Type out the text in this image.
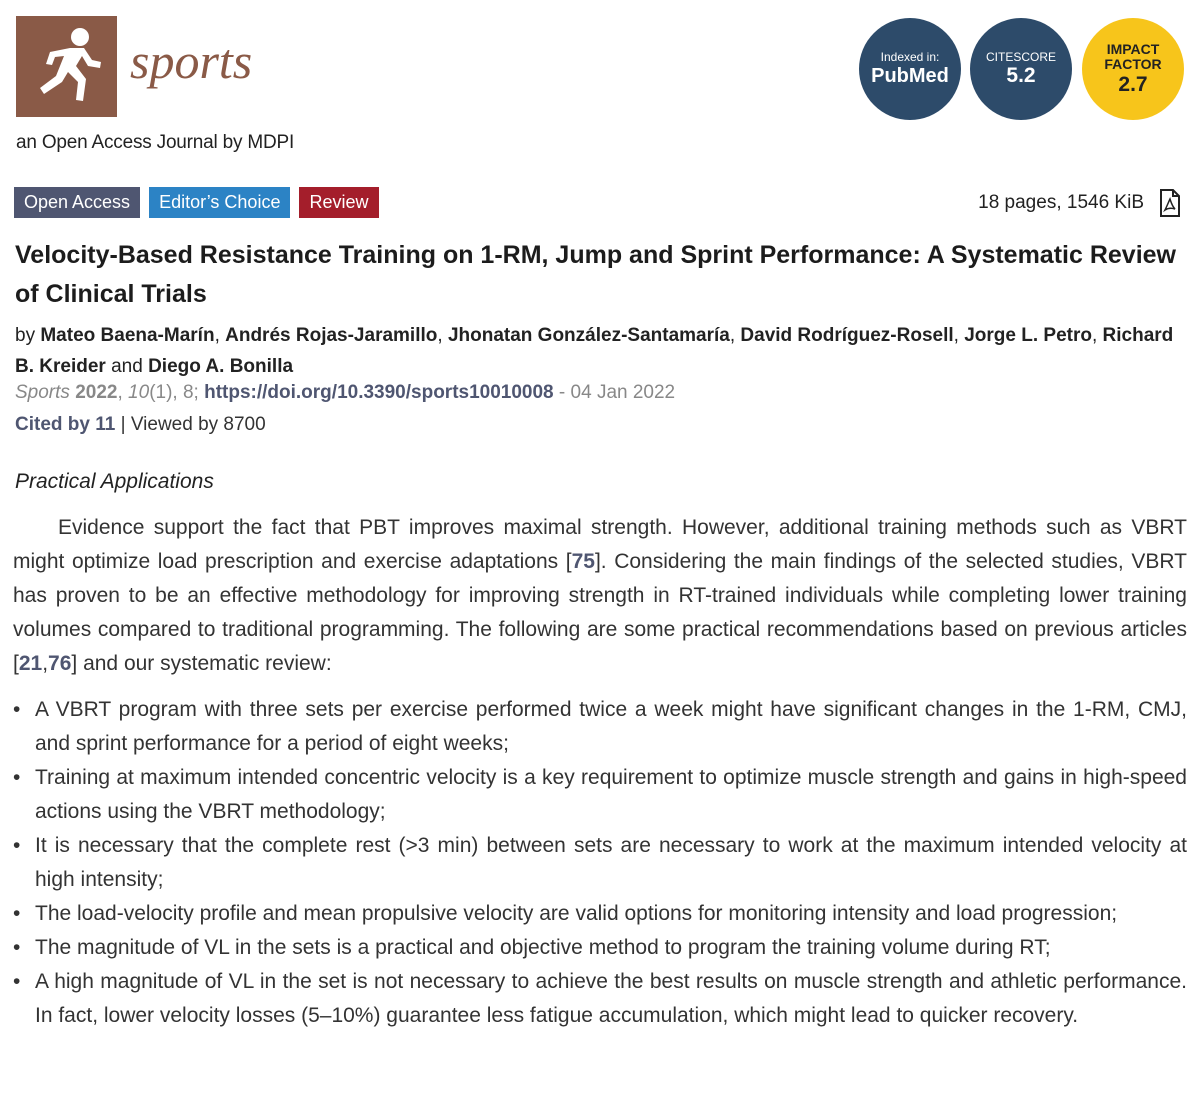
sports
an Open Access Journal by MDPI
Indexed in:
PubMed
CITESCORE
5.2
IMPACT
FACTOR
2.7
Open Access	Editor’s Choice	Review	18 pages, 1546 KiB
Velocity-Based Resistance Training on 1-RM, Jump and Sprint Performance: A Systematic Review of Clinical Trials
by Mateo Baena-Marín, Andrés Rojas-Jaramillo, Jhonatan González-Santamaría, David Rodríguez-Rosell, Jorge L. Petro, Richard B. Kreider and Diego A. Bonilla
Sports 2022, 10(1), 8; https://doi.org/10.3390/sports10010008 - 04 Jan 2022
Cited by 11 | Viewed by 8700
Practical Applications
Evidence support the fact that PBT improves maximal strength. However, additional training methods such as VBRT might optimize load prescription and exercise adaptations [75]. Considering the main findings of the selected studies, VBRT has proven to be an effective methodology for improving strength in RT-trained individuals while completing lower training volumes compared to traditional programming. The following are some practical recommendations based on previous articles [21,76] and our systematic review:
• A VBRT program with three sets per exercise performed twice a week might have significant changes in the 1-RM, CMJ, and sprint performance for a period of eight weeks;
• Training at maximum intended concentric velocity is a key requirement to optimize muscle strength and gains in high-speed actions using the VBRT methodology;
• It is necessary that the complete rest (>3 min) between sets are necessary to work at the maximum intended velocity at high intensity;
• The load-velocity profile and mean propulsive velocity are valid options for monitoring intensity and load progression;
• The magnitude of VL in the sets is a practical and objective method to program the training volume during RT;
• A high magnitude of VL in the set is not necessary to achieve the best results on muscle strength and athletic performance. In fact, lower velocity losses (5–10%) guarantee less fatigue accumulation, which might lead to quicker recovery.
